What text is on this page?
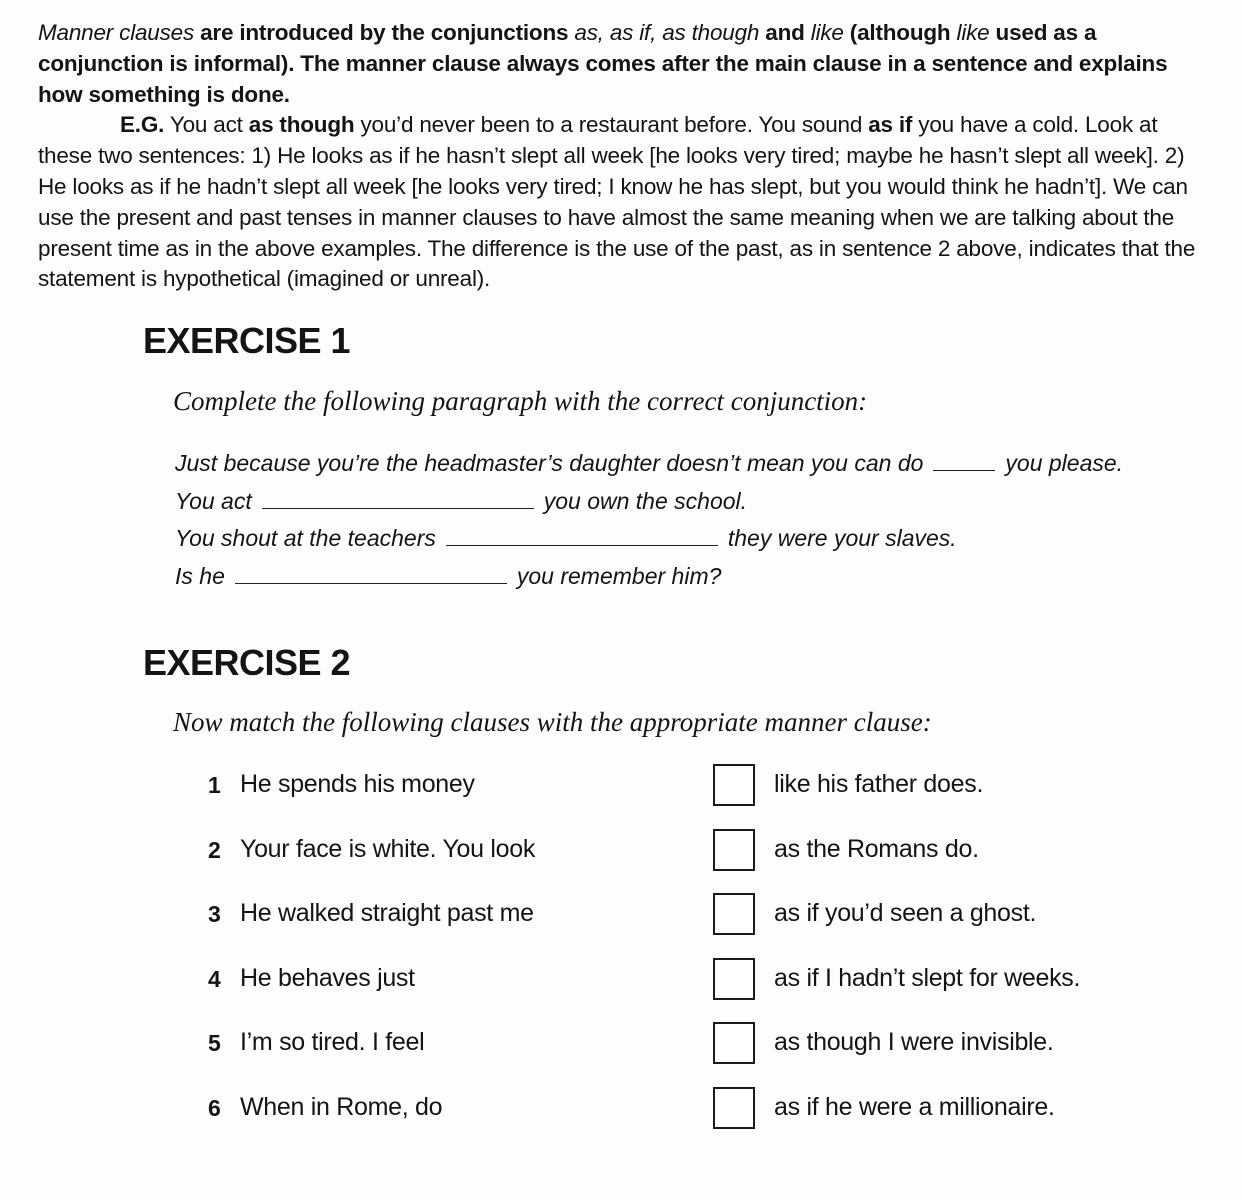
Manner clauses are introduced by the conjunctions as, as if, as though and like (although like used as a conjunction is informal). The manner clause always comes after the main clause in a sentence and explains how something is done.

E.G. You act as though you’d never been to a restaurant before. You sound as if you have a cold. Look at these two sentences: 1) He looks as if he hasn’t slept all week [he looks very tired; maybe he hasn’t slept all week]. 2) He looks as if he hadn’t slept all week [he looks very tired; I know he has slept, but you would think he hadn’t]. We can use the present and past tenses in manner clauses to have almost the same meaning when we are talking about the present time as in the above examples. The difference is the use of the past, as in sentence 2 above, indicates that the statement is hypothetical (imagined or unreal).

EXERCISE 1

Complete the following paragraph with the correct conjunction:

Just because you’re the headmaster’s daughter doesn’t mean you can do	you please.
You act	you own the school.
You shout at the teachers	they were your slaves.
Is he	you remember him?
EXERCISE 2

Now match the following clauses with the appropriate manner clause:

1 He spends his money	like his father does.
2 Your face is white. You look	as the Romans do.
3 He walked straight past me	as if you’d seen a ghost.
4 He behaves just	as if I hadn’t slept for weeks.
5 I’m so tired. I feel	as though I were invisible.
6 When in Rome, do	as if he were a millionaire.
